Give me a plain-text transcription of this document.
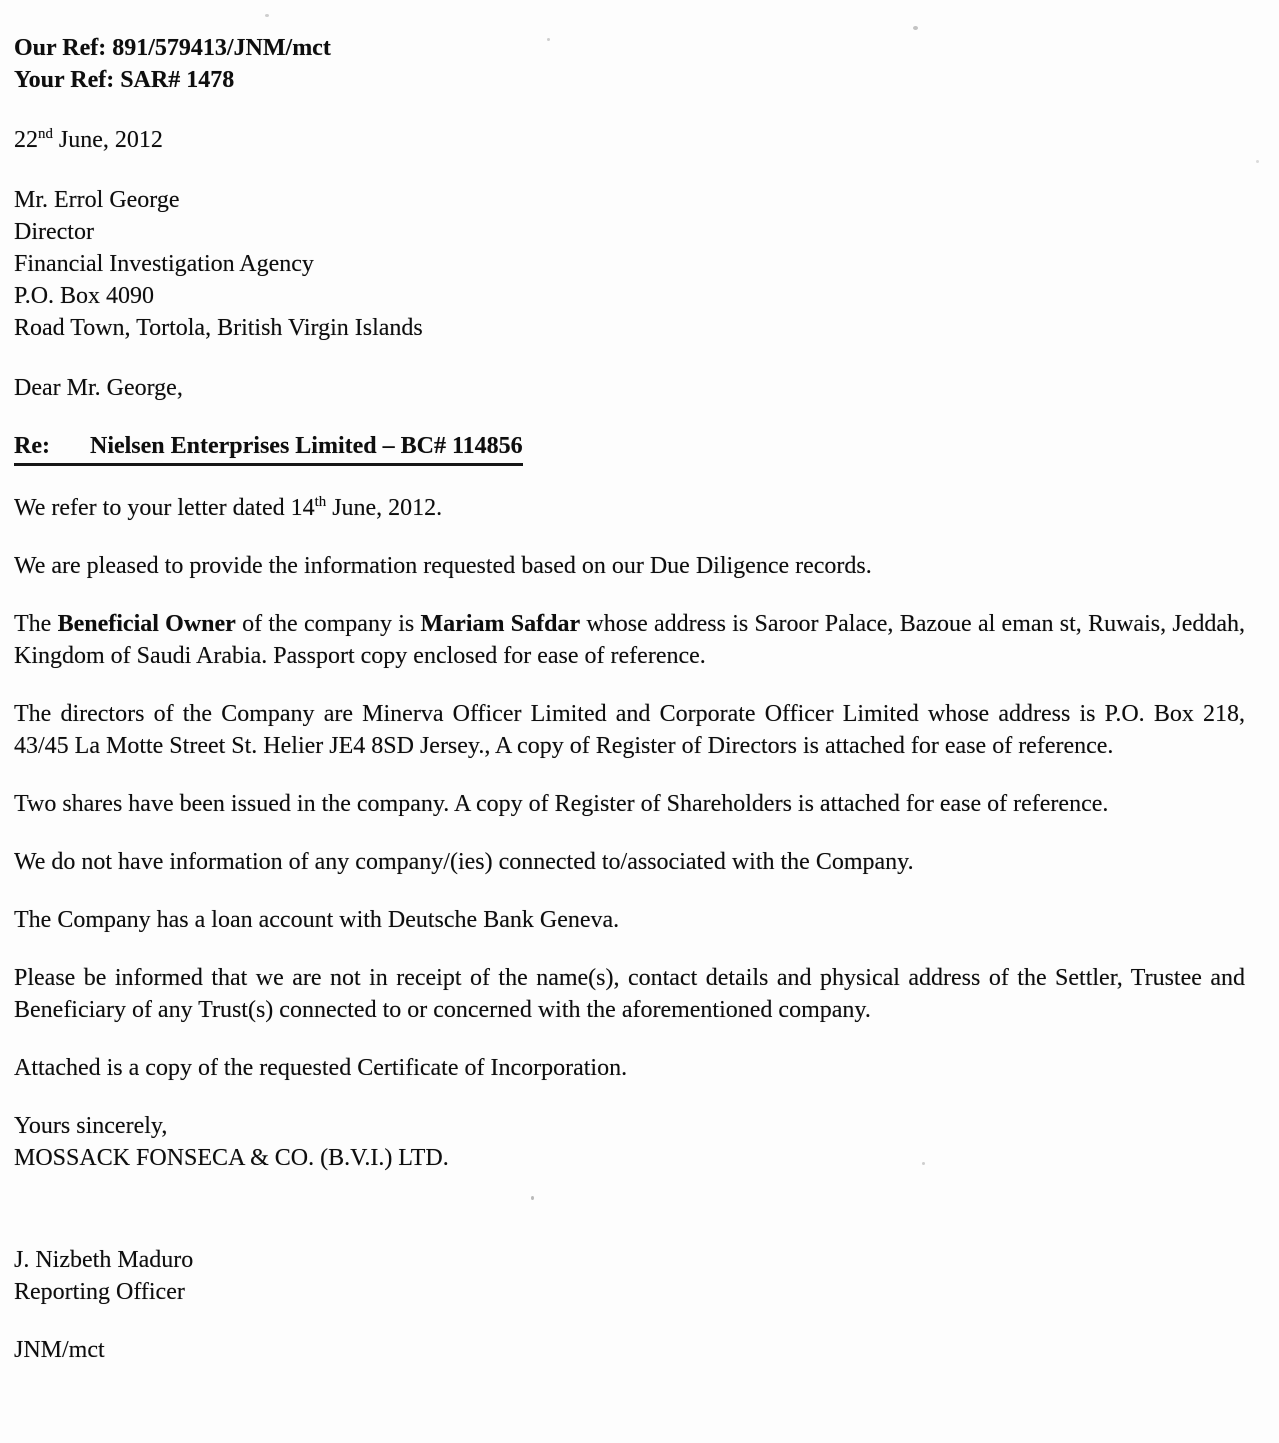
Our Ref: 891/579413/JNM/mct
Your Ref: SAR# 1478
22nd June, 2012
Mr. Errol George
Director
Financial Investigation Agency
P.O. Box 4090
Road Town, Tortola, British Virgin Islands
Dear Mr. George,
Re: Nielsen Enterprises Limited – BC# 114856
We refer to your letter dated 14th June, 2012.
We are pleased to provide the information requested based on our Due Diligence records.
The Beneficial Owner of the company is Mariam Safdar whose address is Saroor Palace, Bazoue al eman st, Ruwais, Jeddah, Kingdom of Saudi Arabia. Passport copy enclosed for ease of reference.
The directors of the Company are Minerva Officer Limited and Corporate Officer Limited whose address is P.O. Box 218, 43/45 La Motte Street St. Helier JE4 8SD Jersey., A copy of Register of Directors is attached for ease of reference.
Two shares have been issued in the company. A copy of Register of Shareholders is attached for ease of reference.
We do not have information of any company/(ies) connected to/associated with the Company.
The Company has a loan account with Deutsche Bank Geneva.
Please be informed that we are not in receipt of the name(s), contact details and physical address of the Settler, Trustee and Beneficiary of any Trust(s) connected to or concerned with the aforementioned company.
Attached is a copy of the requested Certificate of Incorporation.
Yours sincerely,
MOSSACK FONSECA & CO. (B.V.I.) LTD.
J. Nizbeth Maduro
Reporting Officer
JNM/mct
